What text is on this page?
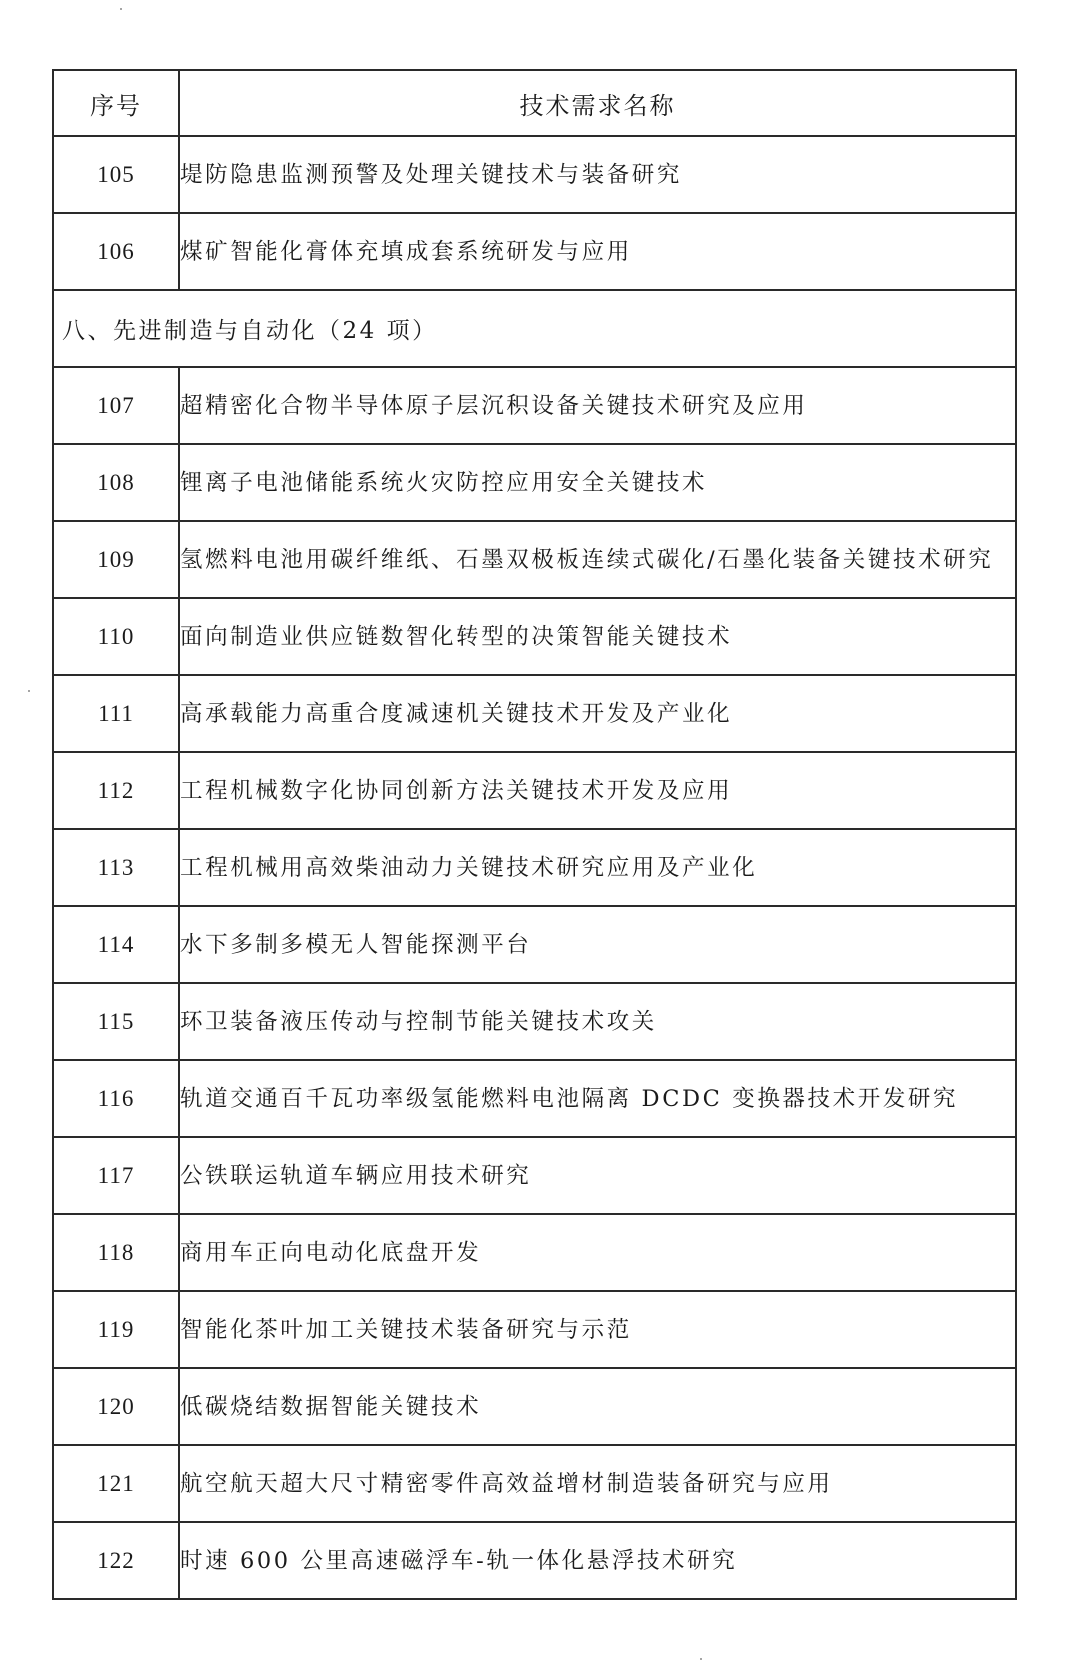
序号	技术需求名称
105	堤防隐患监测预警及处理关键技术与装备研究
106	煤矿智能化膏体充填成套系统研发与应用
八、先进制造与自动化（24 项）	
107	超精密化合物半导体原子层沉积设备关键技术研究及应用
108	锂离子电池储能系统火灾防控应用安全关键技术
109	氢燃料电池用碳纤维纸、石墨双极板连续式碳化/石墨化装备关键技术研究
110	面向制造业供应链数智化转型的决策智能关键技术
111	高承载能力高重合度减速机关键技术开发及产业化
112	工程机械数字化协同创新方法关键技术开发及应用
113	工程机械用高效柴油动力关键技术研究应用及产业化
114	水下多制多模无人智能探测平台
115	环卫装备液压传动与控制节能关键技术攻关
116	轨道交通百千瓦功率级氢能燃料电池隔离 DCDC 变换器技术开发研究
117	公铁联运轨道车辆应用技术研究
118	商用车正向电动化底盘开发
119	智能化茶叶加工关键技术装备研究与示范
120	低碳烧结数据智能关键技术
121	航空航天超大尺寸精密零件高效益增材制造装备研究与应用
122	时速 600 公里高速磁浮车-轨一体化悬浮技术研究
